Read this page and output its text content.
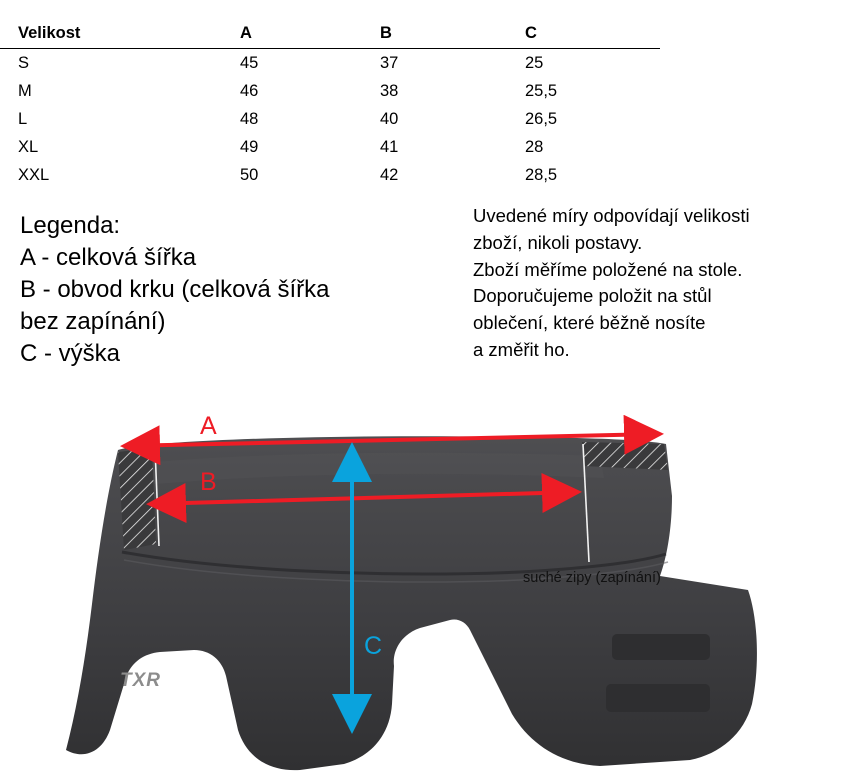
Velikost	A	B	C
S	45	37	25
M	46	38	25,5
L	48	40	26,5
XL	49	41	28
XXL	50	42	28,5
Legenda:
A - celková šířka
B - obvod krku (celková šířka
bez zapínání)
C - výška
Uvedené míry odpovídají velikosti
zboží, nikoli postavy.
Zboží měříme položené na stole.
Doporučujeme položit na stůl
oblečení, které běžně nosíte
a změřit ho.
TXR
A
B
C
suché zipy (zapínání)
